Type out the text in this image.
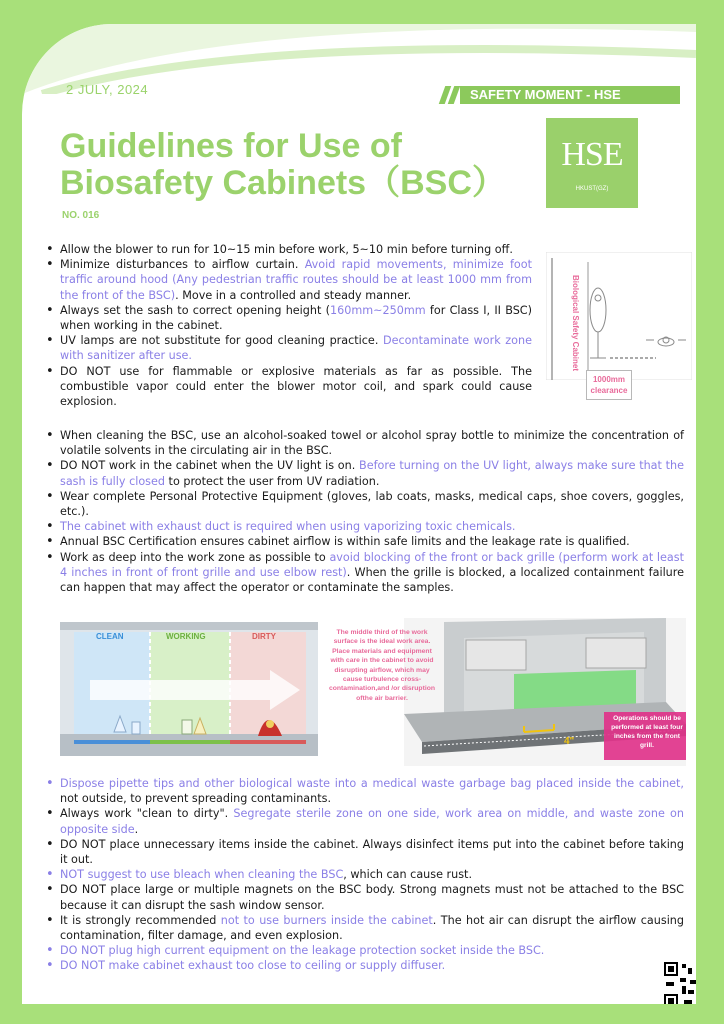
2 JULY, 2024	SAFETY MOMENT - HSE
Guidelines for Use of
Biosafety Cabinets（BSC）
NO. 016
HSE
HKUST(GZ)
• Allow the blower to run for 10~15 min before work, 5~10 min before turning off.
• Minimize disturbances to airflow curtain. Avoid rapid movements, minimize foot traffic around hood (Any pedestrian traffic routes should be at least 1000 mm from the front of the BSC). Move in a controlled and steady manner.
• Always set the sash to correct opening height (160mm~250mm for Class I, II BSC) when working in the cabinet.
• UV lamps are not substitute for good cleaning practice. Decontaminate work zone with sanitizer after use.
• DO NOT use for flammable or explosive materials as far as possible. The combustible vapor could enter the blower motor coil, and spark could cause explosion.
Biological Safety Cabinet
1000mm clearance
• When cleaning the BSC, use an alcohol-soaked towel or alcohol spray bottle to minimize the concentration of volatile solvents in the circulating air in the BSC.
• DO NOT work in the cabinet when the UV light is on. Before turning on the UV light, always make sure that the sash is fully closed to protect the user from UV radiation.
• Wear complete Personal Protective Equipment (gloves, lab coats, masks, medical caps, shoe covers, goggles, etc.).
• The cabinet with exhaust duct is required when using vaporizing toxic chemicals.
• Annual BSC Certification ensures cabinet airflow is within safe limits and the leakage rate is qualified.
• Work as deep into the work zone as possible to avoid blocking of the front or back grille (perform work at least 4 inches in front of front grille and use elbow rest). When the grille is blocked, a localized containment failure can happen that may affect the operator or contaminate the samples.
CLEAN	WORKING	DIRTY
4"
The middle third of the work surface is the ideal work area. Place materials and equipment with care in the cabinet to avoid disrupting airflow, which may cause turbulence cross-contamination,and /or disruption ofthe air barrier.
Operations should be performed at least four inches from the front grill.
• Dispose pipette tips and other biological waste into a medical waste garbage bag placed inside the cabinet, not outside, to prevent spreading contaminants.
• Always work "clean to dirty". Segregate sterile zone on one side, work area on middle, and waste zone on opposite side.
• DO NOT place unnecessary items inside the cabinet. Always disinfect items put into the cabinet before taking it out.
• NOT suggest to use bleach when cleaning the BSC, which can cause rust.
• DO NOT place large or multiple magnets on the BSC body. Strong magnets must not be attached to the BSC because it can disrupt the sash window sensor.
• It is strongly recommended not to use burners inside the cabinet. The hot air can disrupt the airflow causing contamination, filter damage, and even explosion.
• DO NOT plug high current equipment on the leakage protection socket inside the BSC.
• DO NOT make cabinet exhaust too close to ceiling or supply diffuser.
Scan for more information
